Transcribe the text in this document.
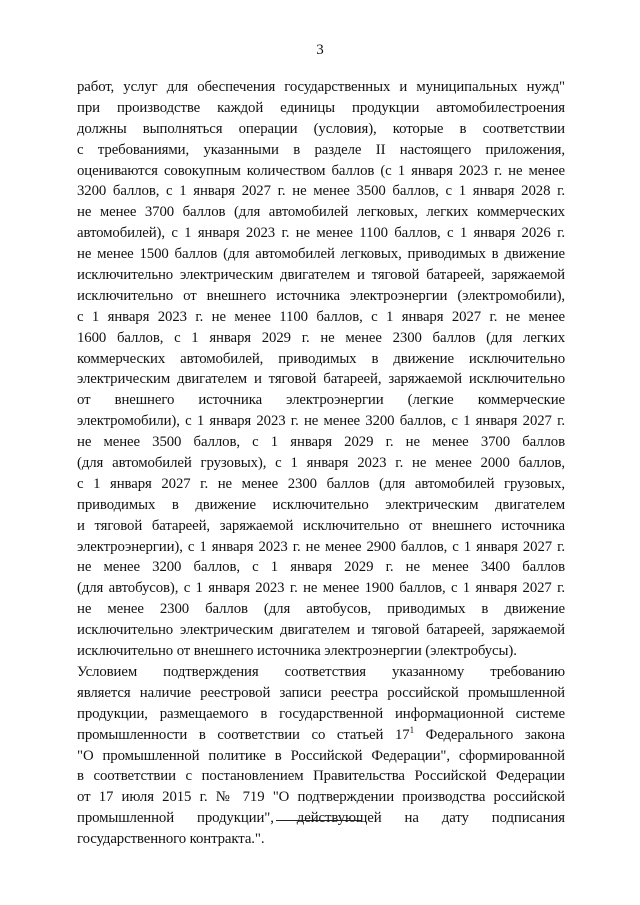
3
работ, услуг для обеспечения государственных и муниципальных нужд"
при производстве каждой единицы продукции автомобилестроения
должны выполняться операции (условия), которые в соответствии
с требованиями, указанными в разделе II настоящего приложения,
оцениваются совокупным количеством баллов (с 1 января 2023 г. не менее
3200 баллов, с 1 января 2027 г. не менее 3500 баллов, с 1 января 2028 г.
не менее 3700 баллов (для автомобилей легковых, легких коммерческих
автомобилей), с 1 января 2023 г. не менее 1100 баллов, с 1 января 2026 г.
не менее 1500 баллов (для автомобилей легковых, приводимых в движение
исключительно электрическим двигателем и тяговой батареей, заряжаемой
исключительно от внешнего источника электроэнергии (электромобили),
с 1 января 2023 г. не менее 1100 баллов, с 1 января 2027 г. не менее
1600 баллов, с 1 января 2029 г. не менее 2300 баллов (для легких
коммерческих автомобилей, приводимых в движение исключительно
электрическим двигателем и тяговой батареей, заряжаемой исключительно
от внешнего источника электроэнергии (легкие коммерческие
электромобили), с 1 января 2023 г. не менее 3200 баллов, с 1 января 2027 г.
не менее 3500 баллов, с 1 января 2029 г. не менее 3700 баллов
(для автомобилей грузовых), с 1 января 2023 г. не менее 2000 баллов,
с 1 января 2027 г. не менее 2300 баллов (для автомобилей грузовых,
приводимых в движение исключительно электрическим двигателем
и тяговой батареей, заряжаемой исключительно от внешнего источника
электроэнергии), с 1 января 2023 г. не менее 2900 баллов, с 1 января 2027 г.
не менее 3200 баллов, с 1 января 2029 г. не менее 3400 баллов
(для автобусов), с 1 января 2023 г. не менее 1900 баллов, с 1 января 2027 г.
не менее 2300 баллов (для автобусов, приводимых в движение
исключительно электрическим двигателем и тяговой батареей, заряжаемой
исключительно от внешнего источника электроэнергии (электробусы).
Условием подтверждения соответствия указанному требованию
является наличие реестровой записи реестра российской промышленной
продукции, размещаемого в государственной информационной системе
промышленности в соответствии со статьей $17^1$ Федерального закона
"О промышленной политике в Российской Федерации", сформированной
в соответствии с постановлением Правительства Российской Федерации
от 17 июля 2015 г. № 719 "О подтверждении производства российской
промышленной продукции", действующей на дату подписания
государственного контракта.".
